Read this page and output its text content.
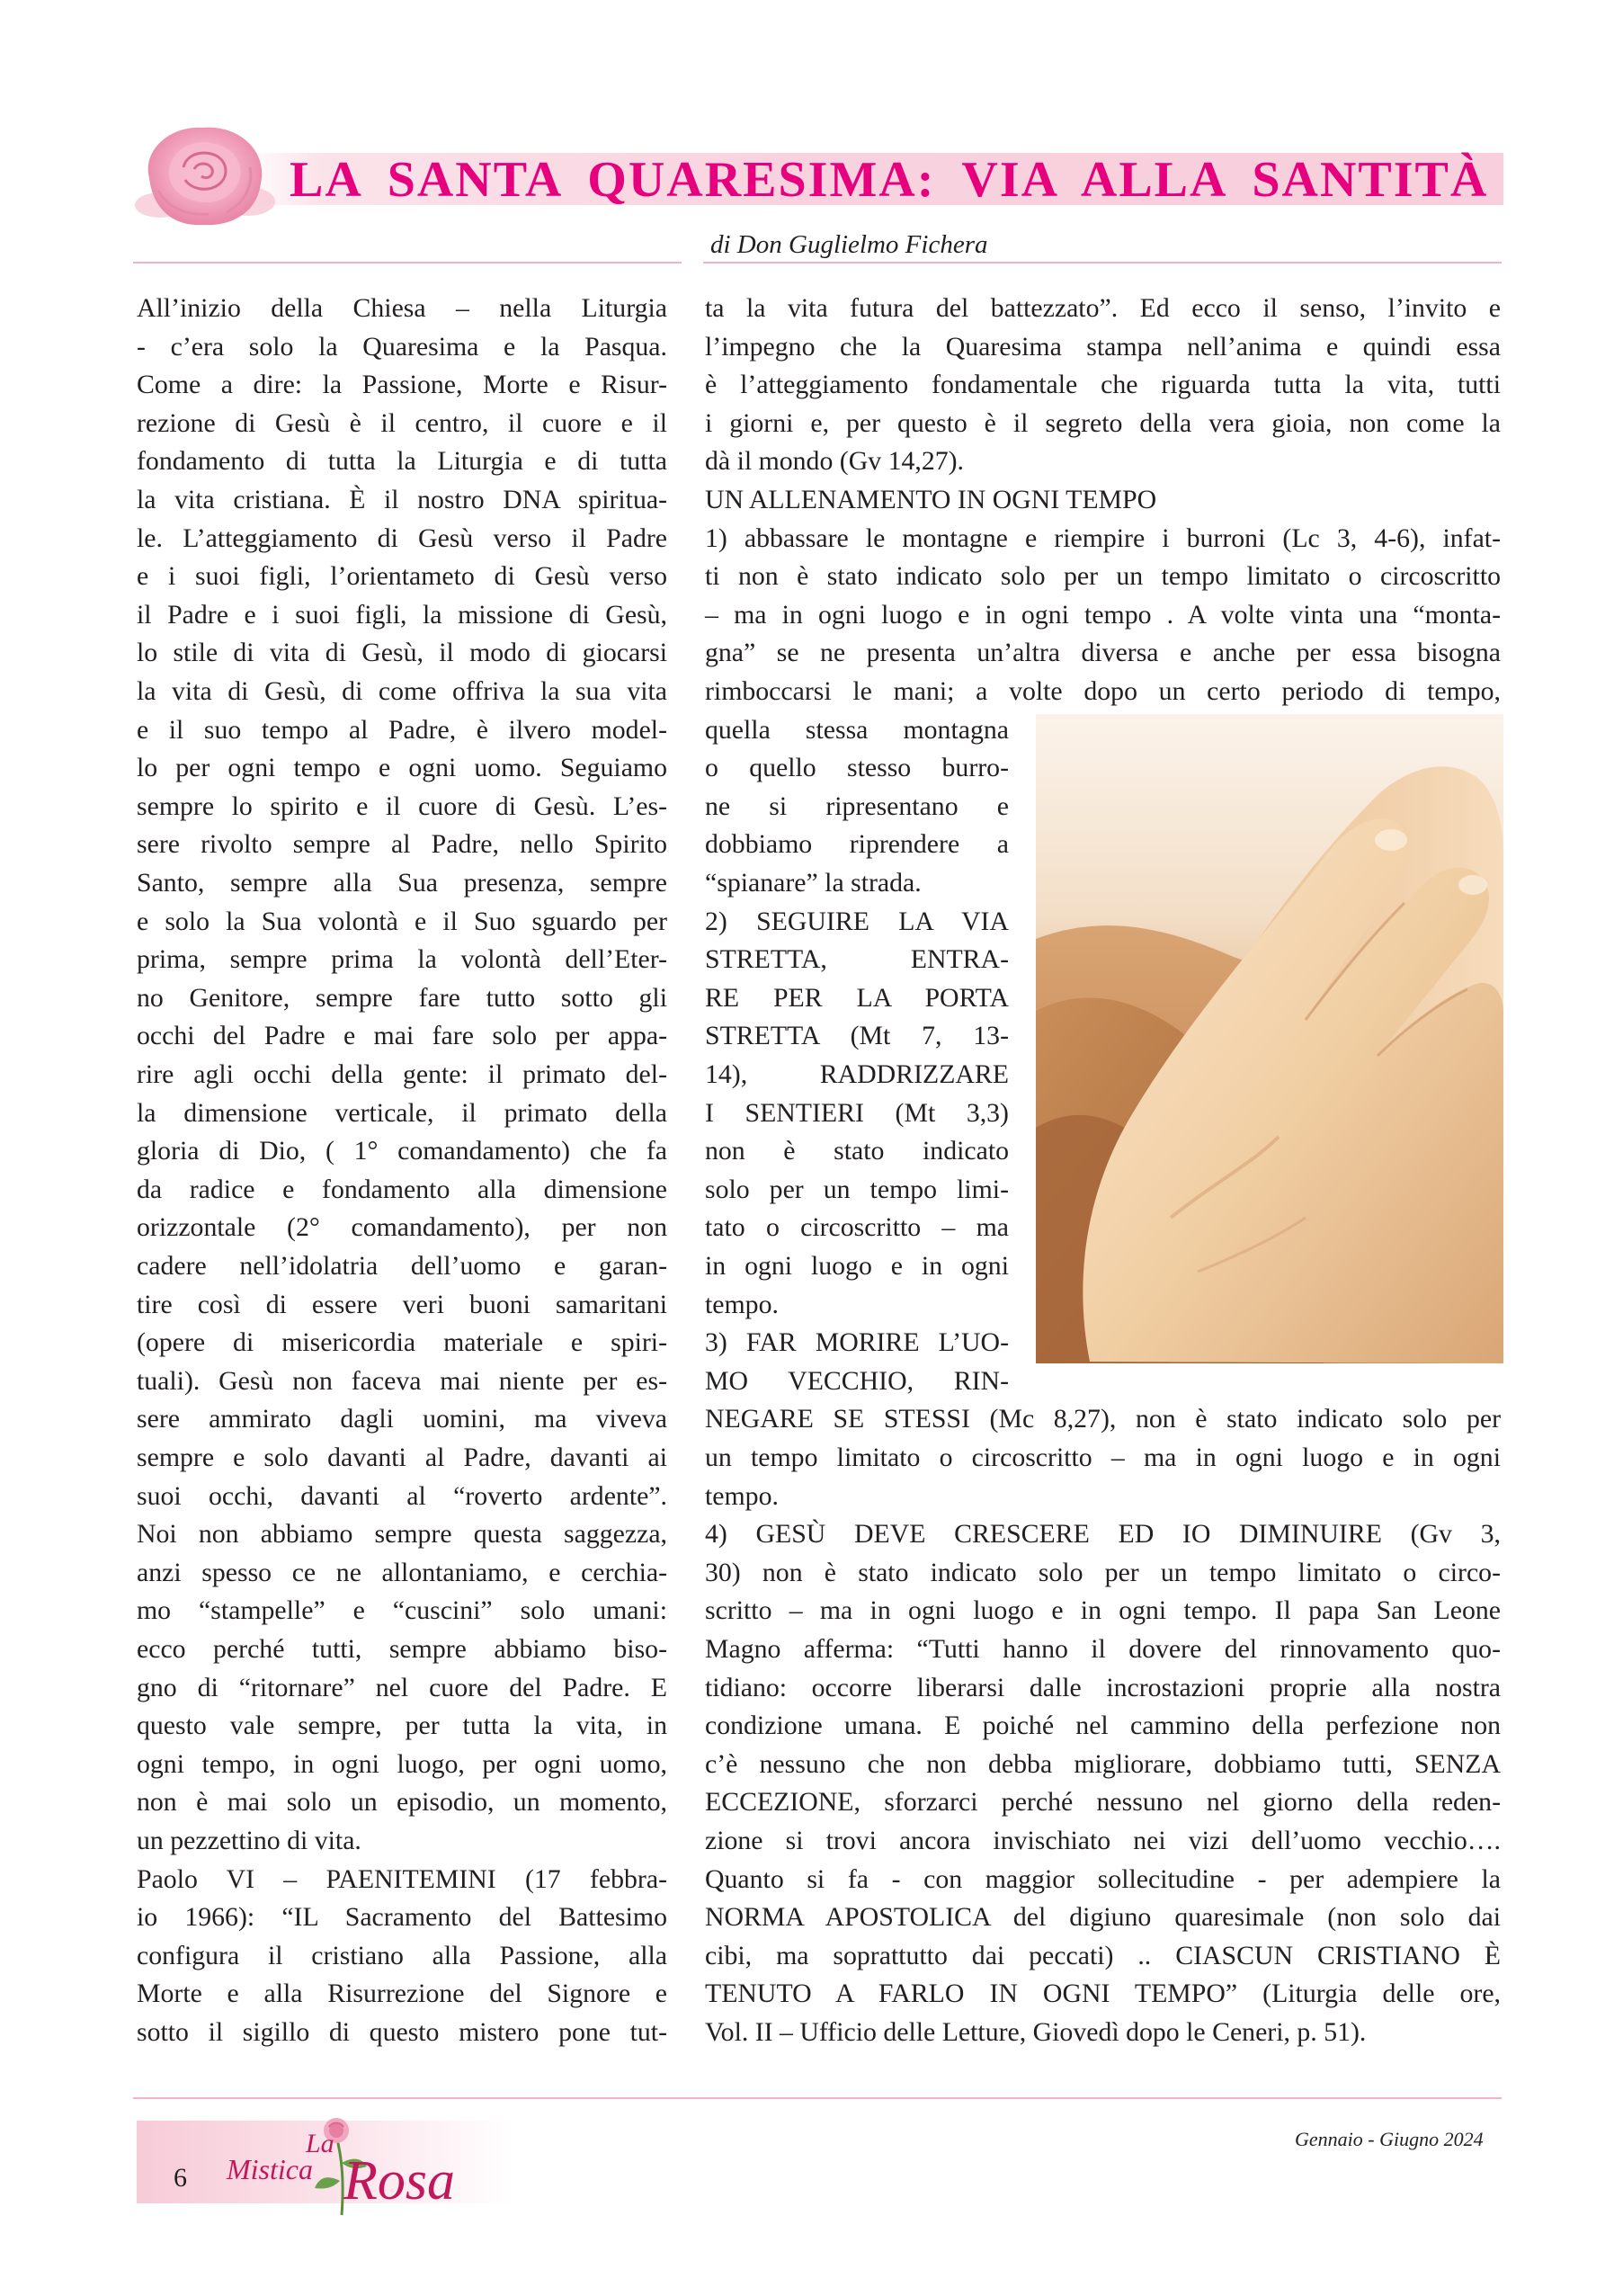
LA SANTA QUARESIMA: VIA ALLA SANTITÀ
di Don Guglielmo Fichera
All’inizio della Chiesa – nella Liturgia
- c’era solo la Quaresima e la Pasqua.
Come a dire: la Passione, Morte e Risur-
rezione di Gesù è il centro, il cuore e il
fondamento di tutta la Liturgia e di tutta
la vita cristiana. È il nostro DNA spiritua-
le. L’atteggiamento di Gesù verso il Padre
e i suoi figli, l’orientameto di Gesù verso
il Padre e i suoi figli, la missione di Gesù,
lo stile di vita di Gesù, il modo di giocarsi
la vita di Gesù, di come offriva la sua vita
e il suo tempo al Padre, è ilvero model-
lo per ogni tempo e ogni uomo. Seguiamo
sempre lo spirito e il cuore di Gesù. L’es-
sere rivolto sempre al Padre, nello Spirito
Santo, sempre alla Sua presenza, sempre
e solo la Sua volontà e il Suo sguardo per
prima, sempre prima la volontà dell’Eter-
no Genitore, sempre fare tutto sotto gli
occhi del Padre e mai fare solo per appa-
rire agli occhi della gente: il primato del-
la dimensione verticale, il primato della
gloria di Dio, ( 1° comandamento) che fa
da radice e fondamento alla dimensione
orizzontale (2° comandamento), per non
cadere nell’idolatria dell’uomo e garan-
tire così di essere veri buoni samaritani
(opere di misericordia materiale e spiri-
tuali). Gesù non faceva mai niente per es-
sere ammirato dagli uomini, ma viveva
sempre e solo davanti al Padre, davanti ai
suoi occhi, davanti al “roverto ardente”.
Noi non abbiamo sempre questa saggezza,
anzi spesso ce ne allontaniamo, e cerchia-
mo “stampelle” e “cuscini” solo umani:
ecco perché tutti, sempre abbiamo biso-
gno di “ritornare” nel cuore del Padre. E
questo vale sempre, per tutta la vita, in
ogni tempo, in ogni luogo, per ogni uomo,
non è mai solo un episodio, un momento,
un pezzettino di vita.
Paolo VI – PAENITEMINI (17 febbra-
io 1966): “IL Sacramento del Battesimo
configura il cristiano alla Passione, alla
Morte e alla Risurrezione del Signore e
sotto il sigillo di questo mistero pone tut-
ta la vita futura del battezzato”. Ed ecco il senso, l’invito e
l’impegno che la Quaresima stampa nell’anima e quindi essa
è l’atteggiamento fondamentale che riguarda tutta la vita, tutti
i giorni e, per questo è il segreto della vera gioia, non come la
dà il mondo (Gv 14,27).
UN ALLENAMENTO IN OGNI TEMPO
1) abbassare le montagne e riempire i burroni (Lc 3, 4-6), infat-
ti non è stato indicato solo per un tempo limitato o circoscritto
– ma in ogni luogo e in ogni tempo . A volte vinta una “monta-
gna” se ne presenta un’altra diversa e anche per essa bisogna
rimboccarsi le mani; a volte dopo un certo periodo di tempo,
quella stessa montagna
o quello stesso burro-
ne si ripresentano e
dobbiamo riprendere a
“spianare” la strada.
2) SEGUIRE LA VIA
STRETTA, ENTRA-
RE PER LA PORTA
STRETTA (Mt 7, 13-
14), RADDRIZZARE
I SENTIERI (Mt 3,3)
non è stato indicato
solo per un tempo limi-
tato o circoscritto – ma
in ogni luogo e in ogni
tempo.
3) FAR MORIRE L’UO-
MO VECCHIO, RIN-
NEGARE SE STESSI (Mc 8,27), non è stato indicato solo per
un tempo limitato o circoscritto – ma in ogni luogo e in ogni
tempo.
4) GESÙ DEVE CRESCERE ED IO DIMINUIRE (Gv 3,
30) non è stato indicato solo per un tempo limitato o circo-
scritto – ma in ogni luogo e in ogni tempo. Il papa San Leone
Magno afferma: “Tutti hanno il dovere del rinnovamento quo-
tidiano: occorre liberarsi dalle incrostazioni proprie alla nostra
condizione umana. E poiché nel cammino della perfezione non
c’è nessuno che non debba migliorare, dobbiamo tutti, SENZA
ECCEZIONE, sforzarci perché nessuno nel giorno della reden-
zione si trovi ancora invischiato nei vizi dell’uomo vecchio….
Quanto si fa - con maggior sollecitudine - per adempiere la
NORMA APOSTOLICA del digiuno quaresimale (non solo dai
cibi, ma soprattutto dai peccati) .. CIASCUN CRISTIANO È
TENUTO A FARLO IN OGNI TEMPO” (Liturgia delle ore,
Vol. II – Ufficio delle Letture, Giovedì dopo le Ceneri, p. 51).
6
La
Mistica Rosa
Gennaio - Giugno 2024
